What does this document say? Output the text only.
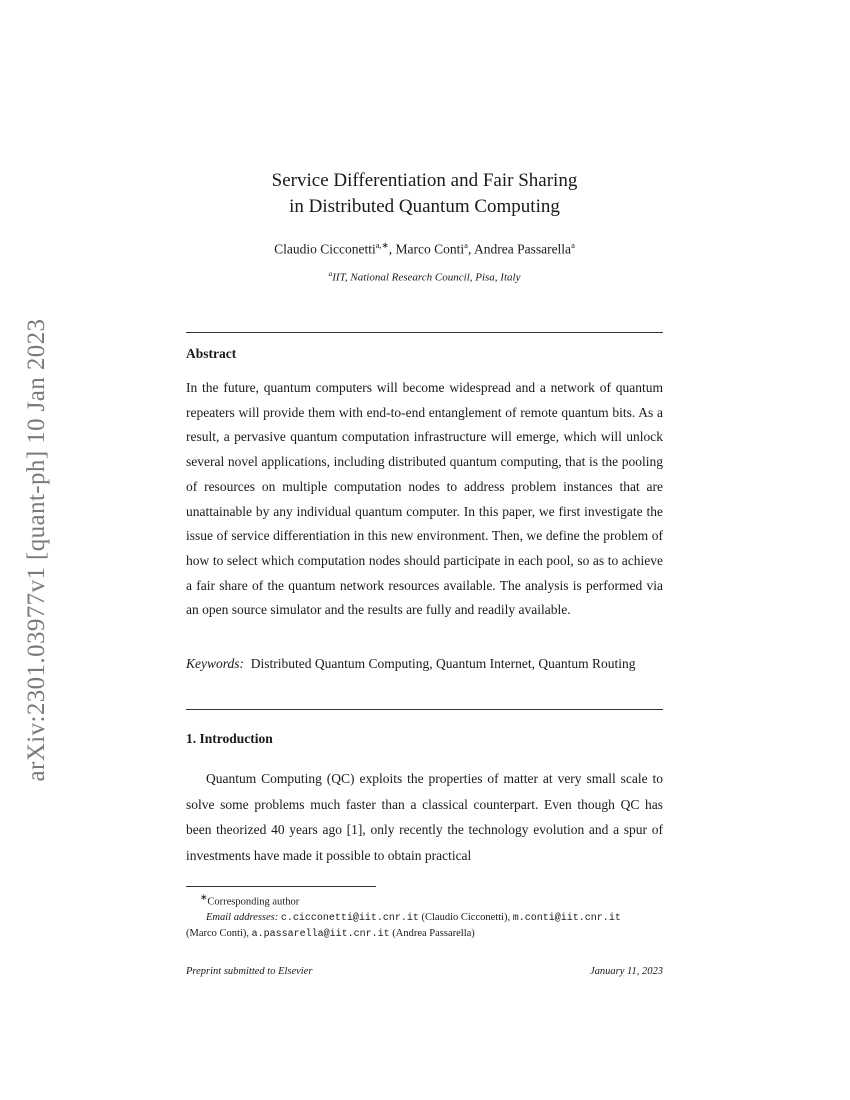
arXiv:2301.03977v1 [quant-ph] 10 Jan 2023
Service Differentiation and Fair Sharing
in Distributed Quantum Computing
Claudio Cicconetti$^{a,∗}$, Marco Conti$^a$, Andrea Passarella$^a$
$^a$IIT, National Research Council, Pisa, Italy
Abstract

In the future, quantum computers will become widespread and a network of quantum repeaters will provide them with end-to-end entanglement of remote quantum bits. As a result, a pervasive quantum computation infrastructure will emerge, which will unlock several novel applications, including distributed quantum computing, that is the pooling of resources on multiple computation nodes to address problem instances that are unattainable by any individual quantum computer. In this paper, we first investigate the issue of service differentiation in this new environment. Then, we define the problem of how to select which computation nodes should participate in each pool, so as to achieve a fair share of the quantum network resources available. The analysis is performed via an open source simulator and the results are fully and readily available.

Keywords: Distributed Quantum Computing, Quantum Internet, Quantum Routing

1. Introduction

Quantum Computing (QC) exploits the properties of matter at very small scale to solve some problems much faster than a classical counterpart. Even though QC has been theorized 40 years ago [1], only recently the technology evolution and a spur of investments have made it possible to obtain practical

∗Corresponding author
Email addresses: c.cicconetti@iit.cnr.it (Claudio Cicconetti), m.conti@iit.cnr.it
(Marco Conti), a.passarella@iit.cnr.it (Andrea Passarella)
Preprint submitted to Elsevier	January 11, 2023
